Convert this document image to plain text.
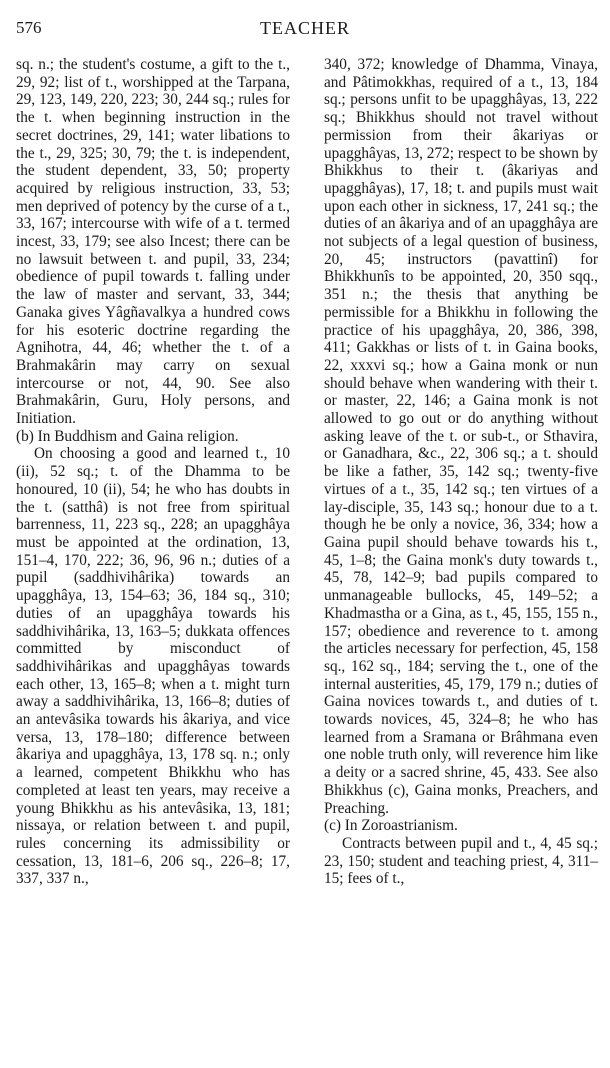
576	TEACHER

sq. n.; the student's costume, a gift to the t., 29, 92; list of t., worshipped at the Tarpana, 29, 123, 149, 220, 223; 30, 244 sq.; rules for the t. when beginning instruction in the secret doctrines, 29, 141; water libations to the t., 29, 325; 30, 79; the t. is independent, the student dependent, 33, 50; property acquired by religious instruction, 33, 53; men deprived of potency by the curse of a t., 33, 167; intercourse with wife of a t. termed incest, 33, 179; see also Incest; there can be no lawsuit between t. and pupil, 33, 234; obedience of pupil towards t. falling under the law of master and servant, 33, 344; Ganaka gives Yâgñavalkya a hundred cows for his esoteric doctrine regarding the Agnihotra, 44, 46; whether the t. of a Brahmakârin may carry on sexual intercourse or not, 44, 90. See also Brahmakârin, Guru, Holy persons, and Initiation.

(b) In Buddhism and Gaina religion.

On choosing a good and learned t., 10 (ii), 52 sq.; t. of the Dhamma to be honoured, 10 (ii), 54; he who has doubts in the t. (satthâ) is not free from spiritual barrenness, 11, 223 sq., 228; an upagghâya must be appointed at the ordination, 13, 151–4, 170, 222; 36, 96, 96 n.; duties of a pupil (saddhivihârika) towards an upagghâya, 13, 154–63; 36, 184 sq., 310; duties of an upagghâya towards his saddhivihârika, 13, 163–5; dukkata offences committed by misconduct of saddhivihârikas and upagghâyas towards each other, 13, 165–8; when a t. might turn away a saddhivihârika, 13, 166–8; duties of an antevâsika towards his âkariya, and vice versa, 13, 178–180; difference between âkariya and upagghâya, 13, 178 sq. n.; only a learned, competent Bhikkhu who has completed at least ten years, may receive a young Bhikkhu as his antevâsika, 13, 181; nissaya, or relation between t. and pupil, rules concerning its admissibility or cessation, 13, 181–6, 206 sq., 226–8; 17, 337, 337 n.,

340, 372; knowledge of Dhamma, Vinaya, and Pâtimokkhas, required of a t., 13, 184 sq.; persons unfit to be upagghâyas, 13, 222 sq.; Bhikkhus should not travel without permission from their âkariyas or upagghâyas, 13, 272; respect to be shown by Bhikkhus to their t. (âkariyas and upagghâyas), 17, 18; t. and pupils must wait upon each other in sickness, 17, 241 sq.; the duties of an âkariya and of an upagghâya are not subjects of a legal question of business, 20, 45; instructors (pavattinî) for Bhikkhunîs to be appointed, 20, 350 sqq., 351 n.; the thesis that anything be permissible for a Bhikkhu in following the practice of his upagghâya, 20, 386, 398, 411; Gakkhas or lists of t. in Gaina books, 22, xxxvi sq.; how a Gaina monk or nun should behave when wandering with their t. or master, 22, 146; a Gaina monk is not allowed to go out or do anything without asking leave of the t. or sub-t., or Sthavira, or Ganadhara, &c., 22, 306 sq.; a t. should be like a father, 35, 142 sq.; twenty-five virtues of a t., 35, 142 sq.; ten virtues of a lay-disciple, 35, 143 sq.; honour due to a t. though he be only a novice, 36, 334; how a Gaina pupil should behave towards his t., 45, 1–8; the Gaina monk's duty towards t., 45, 78, 142–9; bad pupils compared to unmanageable bullocks, 45, 149–52; a Khadmastha or a Gina, as t., 45, 155, 155 n., 157; obedience and reverence to t. among the articles necessary for perfection, 45, 158 sq., 162 sq., 184; serving the t., one of the internal austerities, 45, 179, 179 n.; duties of Gaina novices towards t., and duties of t. towards novices, 45, 324–8; he who has learned from a Sramana or Brâhmana even one noble truth only, will reverence him like a deity or a sacred shrine, 45, 433. See also Bhikkhus (c), Gaina monks, Preachers, and Preaching.

(c) In Zoroastrianism.

Contracts between pupil and t., 4, 45 sq.; 23, 150; student and teaching priest, 4, 311–15; fees of t.,
